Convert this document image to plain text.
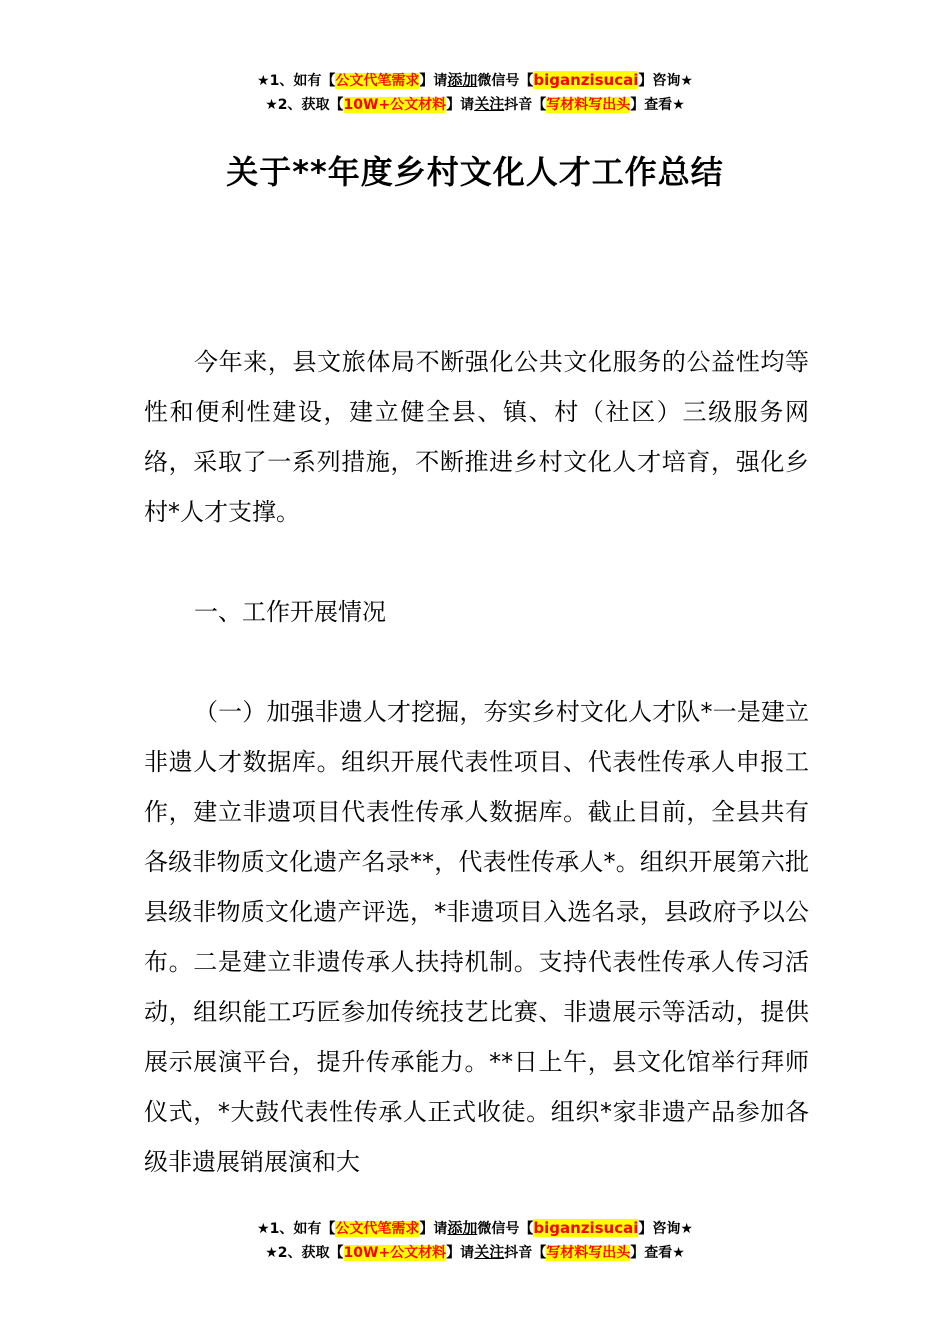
★1、如有【公文代笔需求】请添加微信号【biganzisucai】咨询★
★2、获取【10W+公文材料】请关注抖音【写材料写出头】查看★
关于**年度乡村文化人才工作总结
今年来，县文旅体局不断强化公共文化服务的公益性均等性和便利性建设，建立健全县、镇、村（社区）三级服务网络，采取了一系列措施，不断推进乡村文化人才培育，强化乡村*人才支撑。
一、工作开展情况
（一）加强非遗人才挖掘，夯实乡村文化人才队*一是建立非遗人才数据库。组织开展代表性项目、代表性传承人申报工作，建立非遗项目代表性传承人数据库。截止目前，全县共有各级非物质文化遗产名录**，代表性传承人*。组织开展第六批县级非物质文化遗产评选，*非遗项目入选名录，县政府予以公布。二是建立非遗传承人扶持机制。支持代表性传承人传习活动，组织能工巧匠参加传统技艺比赛、非遗展示等活动，提供展示展演平台，提升传承能力。**日上午，县文化馆举行拜师仪式，*大鼓代表性传承人正式收徒。组织*家非遗产品参加各级非遗展销展演和大
★1、如有【公文代笔需求】请添加微信号【biganzisucai】咨询★
★2、获取【10W+公文材料】请关注抖音【写材料写出头】查看★
